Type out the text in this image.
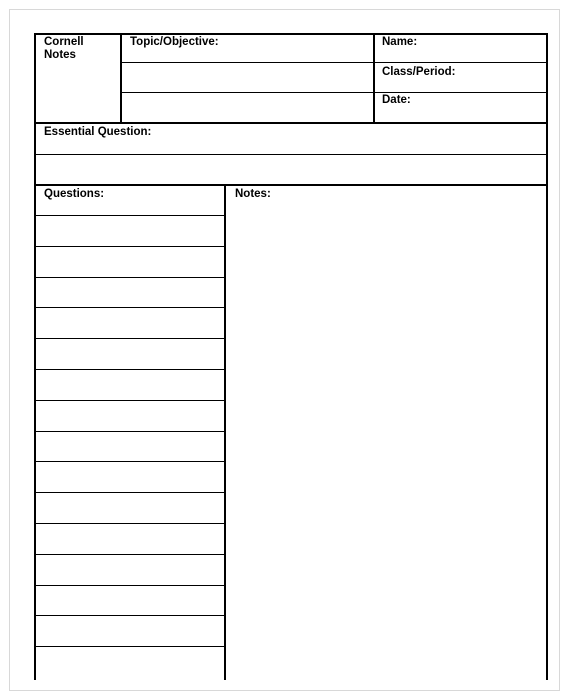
Cornell
Notes
Topic/Objective:	Name:
Class/Period:
Date:
Essential Question:
Questions:	Notes:
